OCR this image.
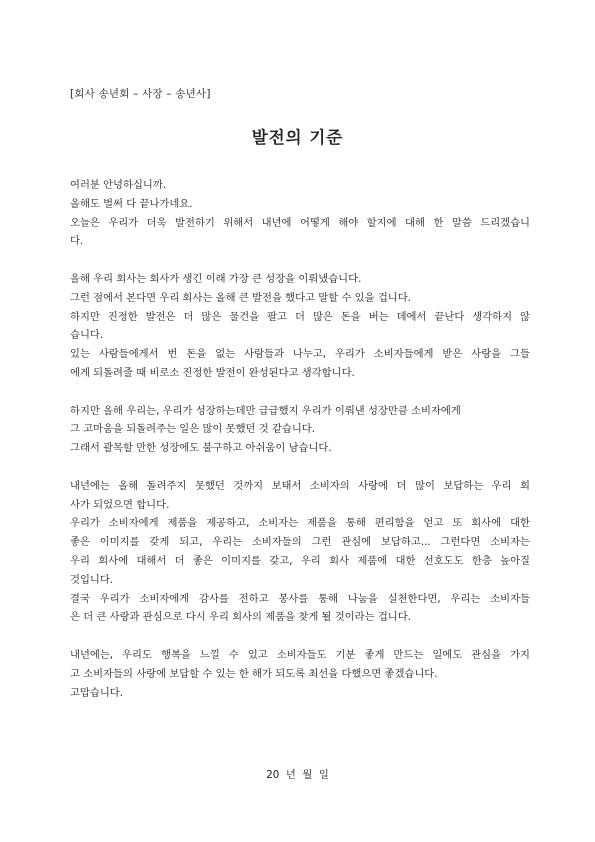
[회사 송년회 – 사장 – 송년사]
발전의 기준
여러분 안녕하십니까.
올해도 벌써 다 끝나가네요.
오늘은 우리가 더욱 발전하기 위해서 내년에 어떻게 해야 할지에 대해 한 말씀 드리겠습니
다.
올해 우리 회사는 회사가 생긴 이래 가장 큰 성장을 이뤄냈습니다.
그런 점에서 본다면 우리 회사는 올해 큰 발전을 했다고 말할 수 있을 겁니다.
하지만 진정한 발전은 더 많은 물건을 팔고 더 많은 돈을 버는 데에서 끝난다 생각하지 않
습니다.
있는 사람들에게서 번 돈을 없는 사람들과 나누고, 우리가 소비자들에게 받은 사랑을 그들
에게 되돌려줄 때 비로소 진정한 발전이 완성된다고 생각합니다.
하지만 올해 우리는, 우리가 성장하는데만 급급했지 우리가 이뤄낸 성장만큼 소비자에게
그 고마움을 되돌려주는 일은 많이 못했던 것 같습니다.
그래서 괄목할 만한 성장에도 불구하고 아쉬움이 남습니다.
내년에는 올해 돌려주지 못했던 것까지 보태서 소비자의 사랑에 더 많이 보답하는 우리 회
사가 되었으면 합니다.
우리가 소비자에게 제품을 제공하고, 소비자는 제품을 통해 편리함을 얻고 또 회사에 대한
좋은 이미지를 갖게 되고, 우리는 소비자들의 그런 관심에 보답하고... 그런다면 소비자는
우리 회사에 대해서 더 좋은 이미지를 갖고, 우리 회사 제품에 대한 선호도도 한층 높아질
것입니다.
결국 우리가 소비자에게 감사를 전하고 봉사를 통해 나눔을 실천한다면, 우리는 소비자들
은 더 큰 사랑과 관심으로 다시 우리 회사의 제품을 찾게 될 것이라는 겁니다.
내년에는, 우리도 행복을 느낄 수 있고 소비자들도 기분 좋게 만드는 일에도 관심을 가지
고 소비자들의 사랑에 보답할 수 있는 한 해가 되도록 최선을 다했으면 좋겠습니다.
고맙습니다.
20  년  월  일
